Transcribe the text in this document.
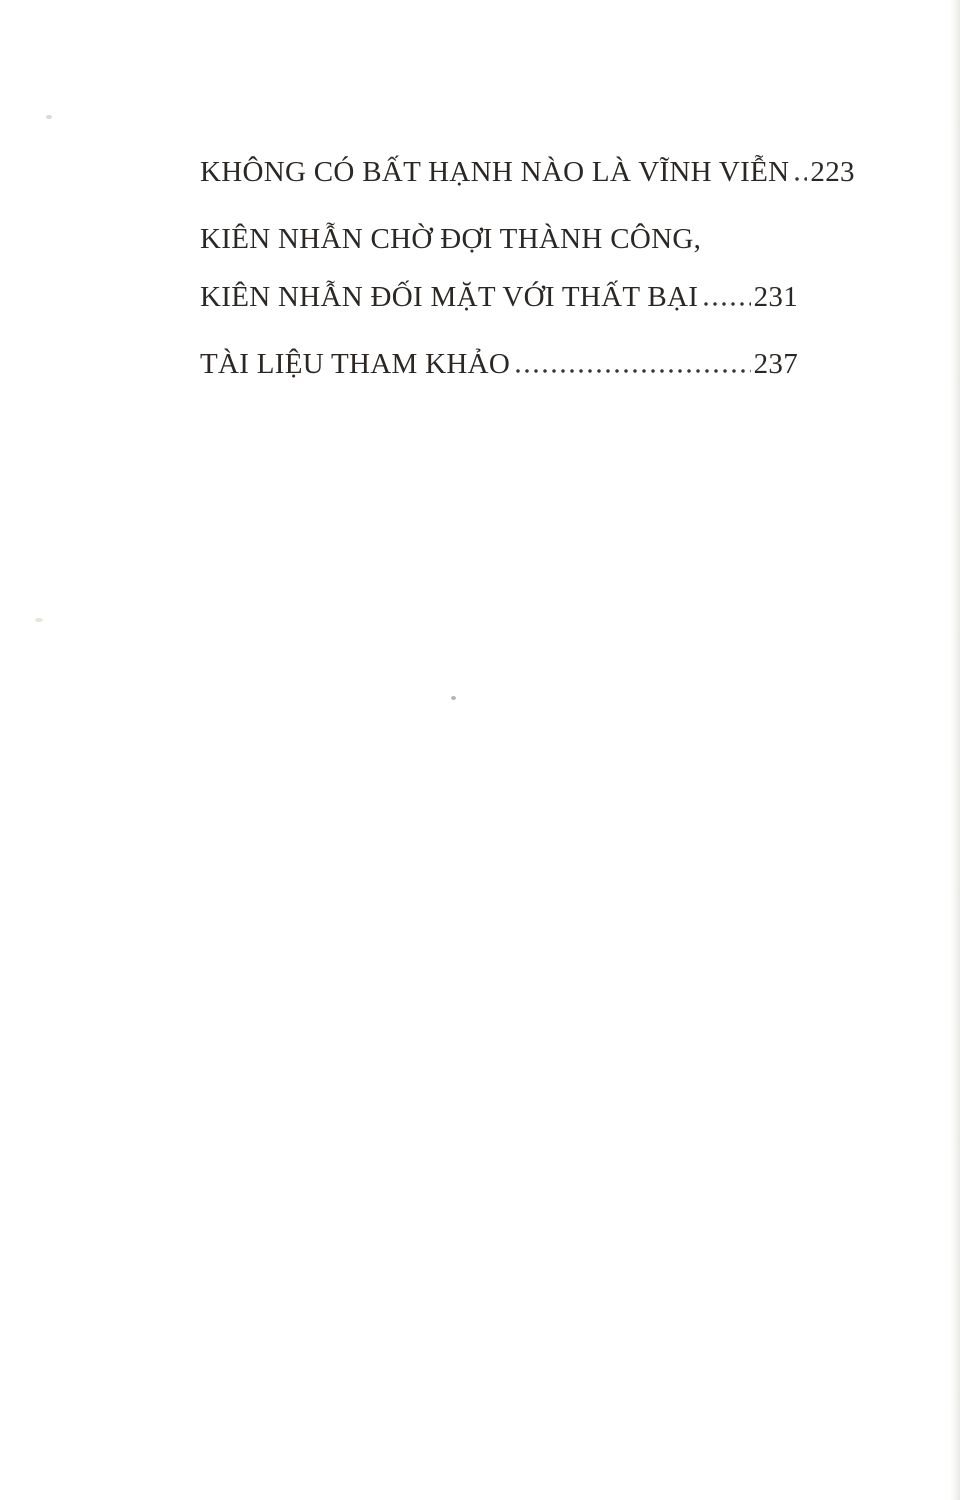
KHÔNG CÓ BẤT HẠNH NÀO LÀ VĨNH VIỄN 223
KIÊN NHẪN CHỜ ĐỢI THÀNH CÔNG,
KIÊN NHẪN ĐỐI MẶT VỚI THẤT BẠI 231
TÀI LIỆU THAM KHẢO	237
